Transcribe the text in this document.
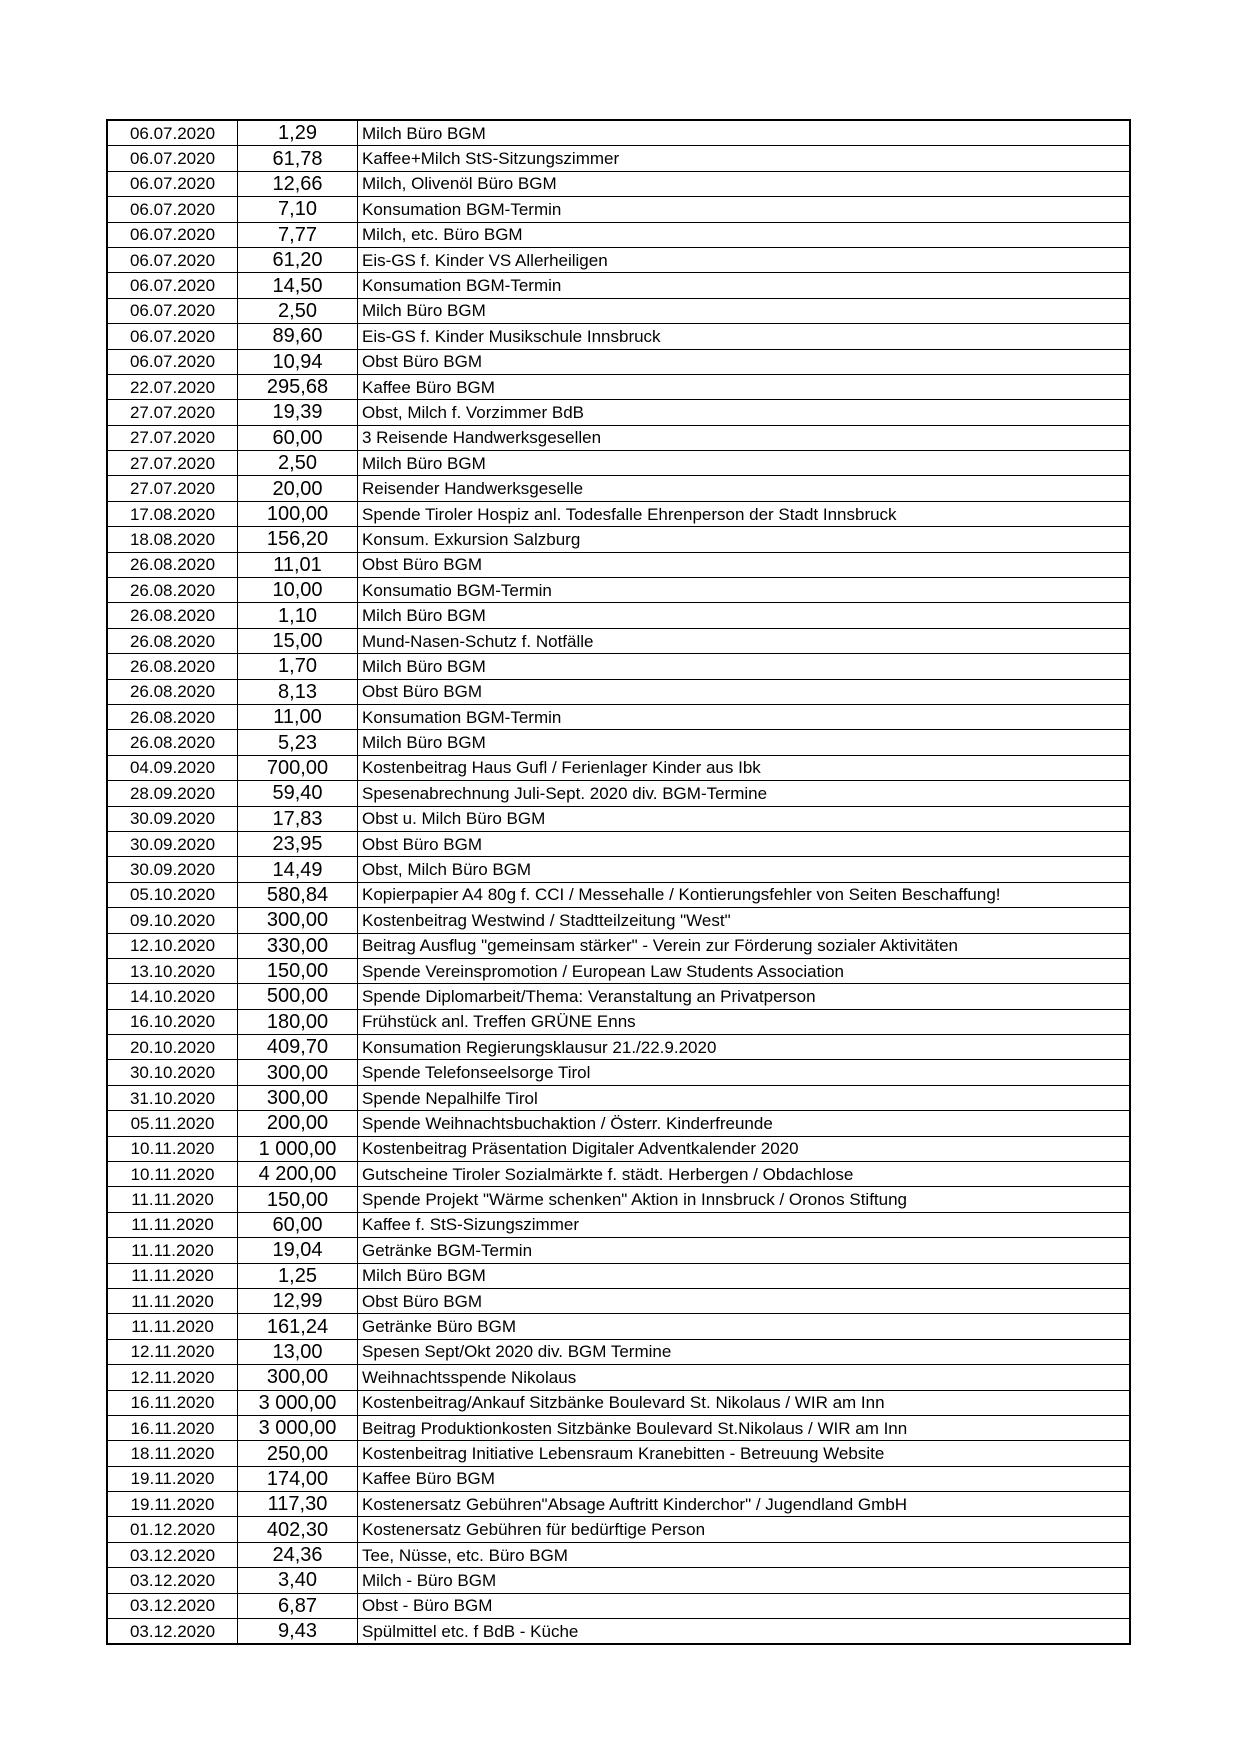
06.07.2020	1,29	Milch Büro BGM
06.07.2020	61,78	Kaffee+Milch StS-Sitzungszimmer
06.07.2020	12,66	Milch, Olivenöl Büro BGM
06.07.2020	7,10	Konsumation BGM-Termin
06.07.2020	7,77	Milch, etc. Büro BGM
06.07.2020	61,20	Eis-GS f. Kinder VS Allerheiligen
06.07.2020	14,50	Konsumation BGM-Termin
06.07.2020	2,50	Milch Büro BGM
06.07.2020	89,60	Eis-GS f. Kinder Musikschule Innsbruck
06.07.2020	10,94	Obst Büro BGM
22.07.2020	295,68	Kaffee Büro BGM
27.07.2020	19,39	Obst, Milch f. Vorzimmer BdB
27.07.2020	60,00	3 Reisende Handwerksgesellen
27.07.2020	2,50	Milch Büro BGM
27.07.2020	20,00	Reisender Handwerksgeselle
17.08.2020	100,00	Spende Tiroler Hospiz anl. Todesfalle Ehrenperson der Stadt Innsbruck
18.08.2020	156,20	Konsum. Exkursion Salzburg
26.08.2020	11,01	Obst Büro BGM
26.08.2020	10,00	Konsumatio BGM-Termin
26.08.2020	1,10	Milch Büro BGM
26.08.2020	15,00	Mund-Nasen-Schutz f. Notfälle
26.08.2020	1,70	Milch Büro BGM
26.08.2020	8,13	Obst Büro BGM
26.08.2020	11,00	Konsumation BGM-Termin
26.08.2020	5,23	Milch Büro BGM
04.09.2020	700,00	Kostenbeitrag Haus Gufl / Ferienlager Kinder aus Ibk
28.09.2020	59,40	Spesenabrechnung Juli-Sept. 2020 div. BGM-Termine
30.09.2020	17,83	Obst u. Milch Büro BGM
30.09.2020	23,95	Obst Büro BGM
30.09.2020	14,49	Obst, Milch Büro BGM
05.10.2020	580,84	Kopierpapier A4 80g f. CCI / Messehalle / Kontierungsfehler von Seiten Beschaffung!
09.10.2020	300,00	Kostenbeitrag Westwind / Stadtteilzeitung "West"
12.10.2020	330,00	Beitrag Ausflug "gemeinsam stärker" - Verein zur Förderung sozialer Aktivitäten
13.10.2020	150,00	Spende Vereinspromotion / European Law Students Association
14.10.2020	500,00	Spende Diplomarbeit/Thema: Veranstaltung an Privatperson
16.10.2020	180,00	Frühstück anl. Treffen GRÜNE Enns
20.10.2020	409,70	Konsumation Regierungsklausur 21./22.9.2020
30.10.2020	300,00	Spende Telefonseelsorge Tirol
31.10.2020	300,00	Spende Nepalhilfe Tirol
05.11.2020	200,00	Spende Weihnachtsbuchaktion / Österr. Kinderfreunde
10.11.2020	1 000,00	Kostenbeitrag Präsentation Digitaler Adventkalender 2020
10.11.2020	4 200,00	Gutscheine Tiroler Sozialmärkte f. städt. Herbergen / Obdachlose
11.11.2020	150,00	Spende Projekt "Wärme schenken" Aktion in Innsbruck / Oronos Stiftung
11.11.2020	60,00	Kaffee f. StS-Sizungszimmer
11.11.2020	19,04	Getränke BGM-Termin
11.11.2020	1,25	Milch Büro BGM
11.11.2020	12,99	Obst Büro BGM
11.11.2020	161,24	Getränke Büro BGM
12.11.2020	13,00	Spesen Sept/Okt 2020 div. BGM Termine
12.11.2020	300,00	Weihnachtsspende Nikolaus
16.11.2020	3 000,00	Kostenbeitrag/Ankauf Sitzbänke Boulevard St. Nikolaus / WIR am Inn
16.11.2020	3 000,00	Beitrag Produktionkosten Sitzbänke Boulevard St.Nikolaus / WIR am Inn
18.11.2020	250,00	Kostenbeitrag Initiative Lebensraum Kranebitten - Betreuung Website
19.11.2020	174,00	Kaffee Büro BGM
19.11.2020	117,30	Kostenersatz Gebühren"Absage Auftritt Kinderchor" / Jugendland GmbH
01.12.2020	402,30	Kostenersatz Gebühren für bedürftige Person
03.12.2020	24,36	Tee, Nüsse, etc. Büro BGM
03.12.2020	3,40	Milch - Büro BGM
03.12.2020	6,87	Obst - Büro BGM
03.12.2020	9,43	Spülmittel etc. f BdB - Küche
